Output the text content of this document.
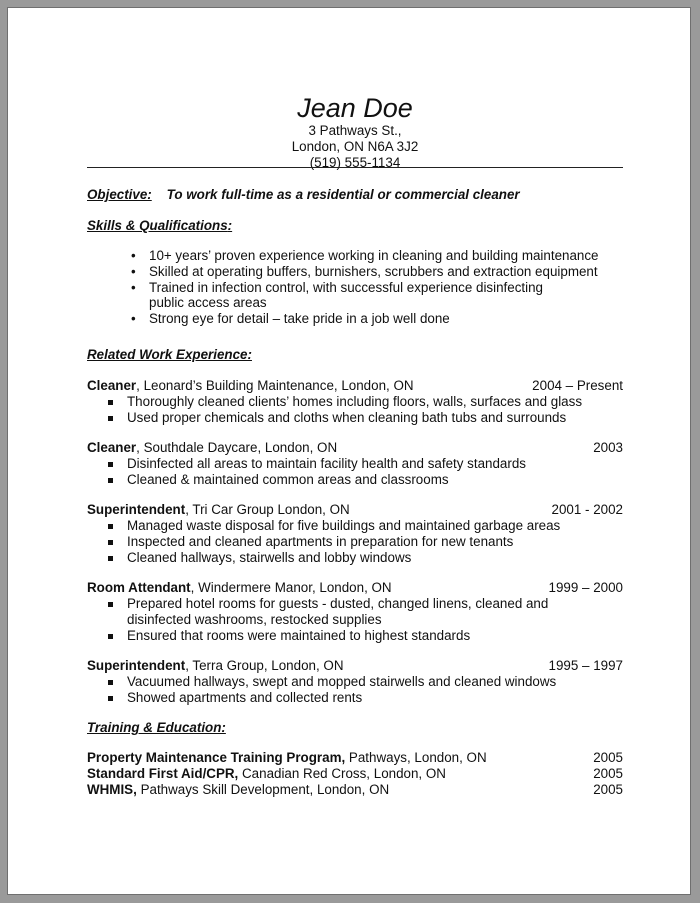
Jean Doe
3 Pathways St.,
London, ON N6A 3J2
(519) 555-1134
Objective: To work full-time as a residential or commercial cleaner
Skills & Qualifications:
• 10+ years’ proven experience working in cleaning and building maintenance
• Skilled at operating buffers, burnishers, scrubbers and extraction equipment
• Trained in infection control, with successful experience disinfecting public access areas
• Strong eye for detail – take pride in a job well done
Related Work Experience:
Cleaner, Leonard’s Building Maintenance, London, ON	2004 – Present
Thoroughly cleaned clients’ homes including floors, walls, surfaces and glass
Used proper chemicals and cloths when cleaning bath tubs and surrounds
Cleaner, Southdale Daycare, London, ON	2003
Disinfected all areas to maintain facility health and safety standards
Cleaned & maintained common areas and classrooms
Superintendent, Tri Car Group London, ON	2001 - 2002
Managed waste disposal for five buildings and maintained garbage areas
Inspected and cleaned apartments in preparation for new tenants
Cleaned hallways, stairwells and lobby windows
Room Attendant, Windermere Manor, London, ON	1999 – 2000
Prepared hotel rooms for guests - dusted, changed linens, cleaned and disinfected washrooms, restocked supplies
Ensured that rooms were maintained to highest standards
Superintendent, Terra Group, London, ON	1995 – 1997
Vacuumed hallways, swept and mopped stairwells and cleaned windows
Showed apartments and collected rents
Training & Education:
Property Maintenance Training Program, Pathways, London, ON	2005
Standard First Aid/CPR, Canadian Red Cross, London, ON	2005
WHMIS, Pathways Skill Development, London, ON	2005
